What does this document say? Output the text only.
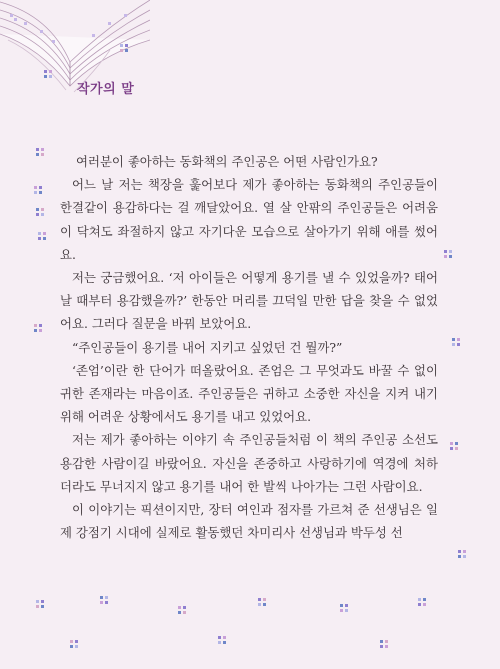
작가의 말

여러분이 좋아하는 동화책의 주인공은 어떤 사람인가요?

어느 날 저는 책장을 훑어보다 제가 좋아하는 동화책의 주인공들이 한결같이 용감하다는 걸 깨달았어요. 열 살 안팎의 주인공들은 어려움이 닥쳐도 좌절하지 않고 자기다운 모습으로 살아가기 위해 애를 썼어요.

저는 궁금했어요. ‘저 아이들은 어떻게 용기를 낼 수 있었을까? 태어날 때부터 용감했을까?’ 한동안 머리를 끄덕일 만한 답을 찾을 수 없었어요. 그러다 질문을 바꿔 보았어요.

“주인공들이 용기를 내어 지키고 싶었던 건 뭘까?”

‘존엄’이란 한 단어가 떠올랐어요. 존엄은 그 무엇과도 바꿀 수 없이 귀한 존재라는 마음이죠. 주인공들은 귀하고 소중한 자신을 지켜 내기 위해 어려운 상황에서도 용기를 내고 있었어요.

저는 제가 좋아하는 이야기 속 주인공들처럼 이 책의 주인공 소선도 용감한 사람이길 바랐어요. 자신을 존중하고 사랑하기에 역경에 처하더라도 무너지지 않고 용기를 내어 한 발씩 나아가는 그런 사람이요.

이 이야기는 픽션이지만, 장터 여인과 점자를 가르쳐 준 선생님은 일제 강점기 시대에 실제로 활동했던 차미리사 선생님과 박두성 선
